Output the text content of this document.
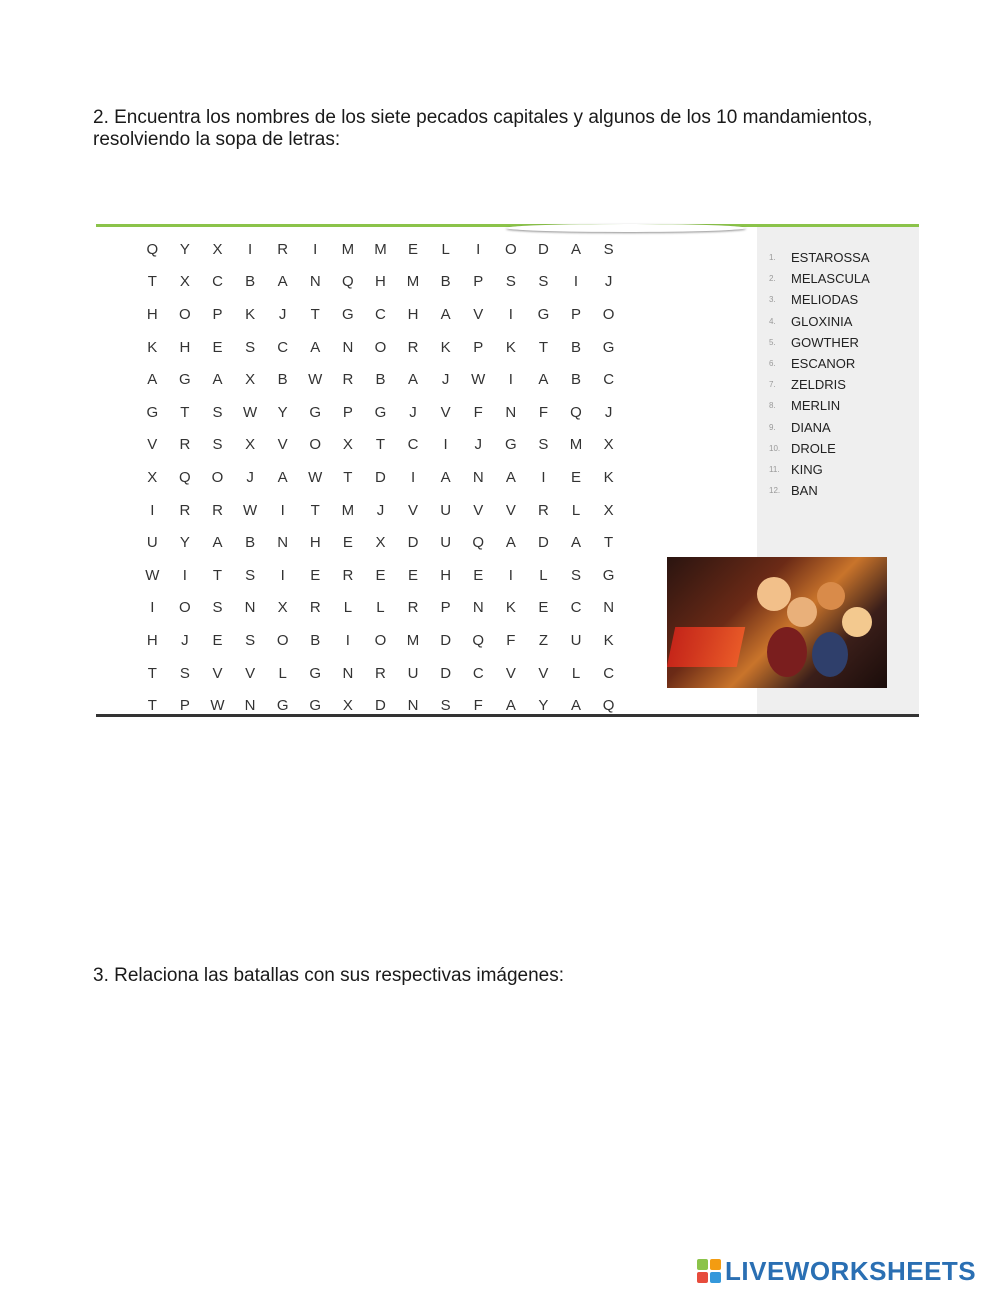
2. Encuentra los nombres de los siete pecados capitales y algunos de los 10 mandamientos, resolviendo la sopa de letras:
Q	Y	X	I	R	I	M	M	E	L	I	O	D	A	S
T	X	C	B	A	N	Q	H	M	B	P	S	S	I	J
H	O	P	K	J	T	G	C	H	A	V	I	G	P	O
K	H	E	S	C	A	N	O	R	K	P	K	T	B	G
A	G	A	X	B	W	R	B	A	J	W	I	A	B	C
G	T	S	W	Y	G	P	G	J	V	F	N	F	Q	J
V	R	S	X	V	O	X	T	C	I	J	G	S	M	X
X	Q	O	J	A	W	T	D	I	A	N	A	I	E	K
I	R	R	W	I	T	M	J	V	U	V	V	R	L	X
U	Y	A	B	N	H	E	X	D	U	Q	A	D	A	T
W	I	T	S	I	E	R	E	E	H	E	I	L	S	G
I	O	S	N	X	R	L	L	R	P	N	K	E	C	N
H	J	E	S	O	B	I	O	M	D	Q	F	Z	U	K
T	S	V	V	L	G	N	R	U	D	C	V	V	L	C
T	P	W	N	G	G	X	D	N	S	F	A	Y	A	Q
1.	ESTAROSSA
2.	MELASCULA
3.	MELIODAS
4.	GLOXINIA
5.	GOWTHER
6.	ESCANOR
7.	ZELDRIS
8.	MERLIN
9.	DIANA
10. DROLE
11. KING
12. BAN
3. Relaciona las batallas con sus respectivas imágenes:
LIVEWORKSHEETS
